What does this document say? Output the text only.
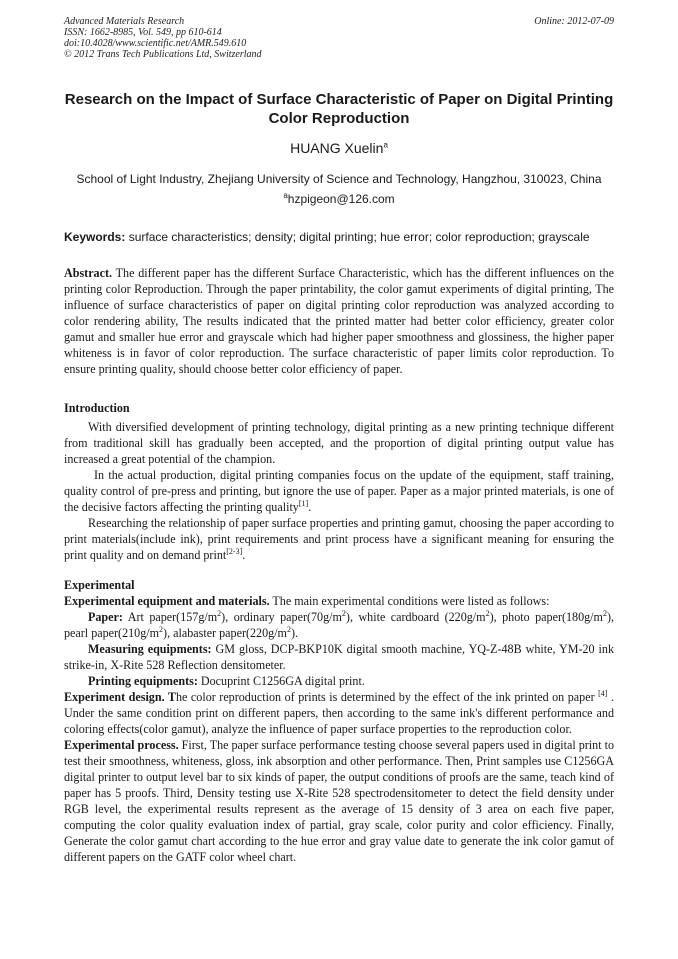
Advanced Materials Research
ISSN: 1662-8985, Vol. 549, pp 610-614
doi:10.4028/www.scientific.net/AMR.549.610
© 2012 Trans Tech Publications Ltd, Switzerland
Online: 2012-07-09
Research on the Impact of Surface Characteristic of Paper on Digital Printing Color Reproduction
HUANG Xuelin$^a$
School of Light Industry, Zhejiang University of Science and Technology, Hangzhou, 310023, China
$^a$hzpigeon@126.com
Keywords: surface characteristics; density; digital printing; hue error; color reproduction; grayscale

Abstract. The different paper has the different Surface Characteristic, which has the different influences on the printing color Reproduction. Through the paper printability, the color gamut experiments of digital printing, The influence of surface characteristics of paper on digital printing color reproduction was analyzed according to color rendering ability, The results indicated that the printed matter had better color efficiency, greater color gamut and smaller hue error and grayscale which had higher paper smoothness and glossiness, the higher paper whiteness is in favor of color reproduction. The surface characteristic of paper limits color reproduction. To ensure printing quality, should choose better color efficiency of paper.

Introduction

With diversified development of printing technology, digital printing as a new printing technique different from traditional skill has gradually been accepted, and the proportion of digital printing output value has increased a great potential of the champion.

In the actual production, digital printing companies focus on the update of the equipment, staff training, quality control of pre-press and printing, but ignore the use of paper. Paper as a major printed materials, is one of the decisive factors affecting the printing quality[1].

Researching the relationship of paper surface properties and printing gamut, choosing the paper according to print materials(include ink), print requirements and print process have a significant meaning for ensuring the print quality and on demand print[2-3].

Experimental

Experimental equipment and materials. The main experimental conditions were listed as follows:

Paper: Art $paper(157g/m^2)$, ordinary $paper(70g/m^2)$, white cardboard $(220g/m^2)$, photo $paper(180g/m^2)$, pearl $paper(210g/m^2)$, alabaster $paper(220g/m^2)$.

Measuring equipments: GM gloss, DCP-BKP10K digital smooth machine, YQ-Z-48B white, YM-20 ink strike-in, X-Rite 528 Reflection densitometer.

Printing equipments: Docuprint C1256GA digital print.

Experiment design. The color reproduction of prints is determined by the effect of the ink printed on paper [4] . Under the same condition print on different papers, then according to the same ink's different performance and coloring effects(color gamut), analyze the influence of paper surface properties to the reproduction color.

Experimental process. First, The paper surface performance testing choose several papers used in digital print to test their smoothness, whiteness, gloss, ink absorption and other performance. Then, Print samples use C1256GA digital printer to output level bar to six kinds of paper, the output conditions of proofs are the same, teach kind of paper has 5 proofs. Third, Density testing use X-Rite 528 spectrodensitometer to detect the field density under RGB level, the experimental results represent as the average of 15 density of 3 area on each five paper, computing the color quality evaluation index of partial, gray scale, color purity and color efficiency. Finally, Generate the color gamut chart according to the hue error and gray value date to generate the ink color gamut of different papers on the GATF color wheel chart.
